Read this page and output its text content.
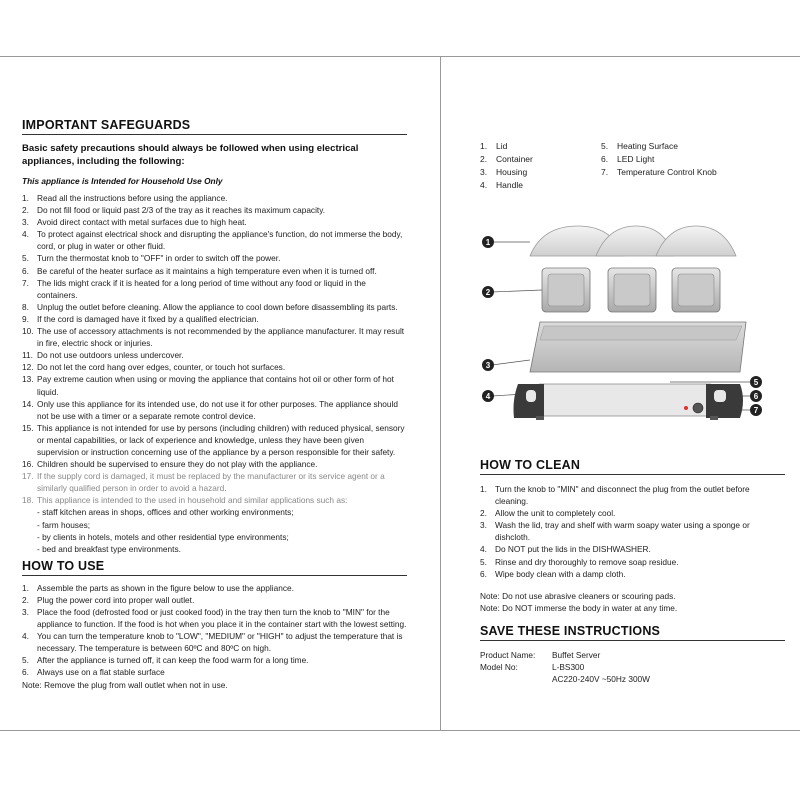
IMPORTANT SAFEGUARDS
Basic safety precautions should always be followed when using electrical appliances, including the following:
This appliance is Intended for Household Use Only
1. Read all the instructions before using the appliance.
2. Do not fill food or liquid past 2/3 of the tray as it reaches its maximum capacity.
3. Avoid direct contact with metal surfaces due to high heat.
4. To protect against electrical shock and disrupting the appliance's function, do not immerse the body, cord, or plug in water or other fluid.
5. Turn the thermostat knob to "OFF" in order to switch off the power.
6. Be careful of the heater surface as it maintains a high temperature even when it is turned off.
7. The lids might crack if it is heated for a long period of time without any food or liquid in the containers.
8. Unplug the outlet before cleaning. Allow the appliance to cool down before disassembling its parts.
9. If the cord is damaged have it fixed by a qualified electrician.
10. The use of accessory attachments is not recommended by the appliance manufacturer. It may result in fire, electric shock or injuries.
11. Do not use outdoors unless undercover.
12. Do not let the cord hang over edges, counter, or touch hot surfaces.
13. Pay extreme caution when using or moving the appliance that contains hot oil or other form of hot liquid.
14. Only use this appliance for its intended use, do not use it for other purposes. The appliance should not be use with a timer or a separate remote control device.
15. This appliance is not intended for use by persons (including children) with reduced physical, sensory or mental capabilities, or lack of experience and knowledge, unless they have been given supervision or instruction concerning use of the appliance by a person responsible for their safety.
16. Children should be supervised to ensure they do not play with the appliance.
17. If the supply cord is damaged, it must be replaced by the manufacturer or its service agent or a similarly qualified person in order to avoid a hazard.
18. This appliance is intended to the used in household and similar applications such as:
- staff kitchen areas in shops, offices and other working environments;
- farm houses;
- by clients in hotels, motels and other residential type environments;
- bed and breakfast type environments.
HOW TO USE
1. Assemble the parts as shown in the figure below to use the appliance.
2. Plug the power cord into proper wall outlet.
3. Place the food (defrosted food or just cooked food) in the tray then turn the knob to "MIN" for the appliance to function. If the food is hot when you place it in the container start with the lowest setting.
4. You can turn the temperature knob to "LOW", "MEDIUM" or "HIGH" to adjust the temperature that is necessary. The temperature is between 60ºC and 80ºC on high.
5. After the appliance is turned off, it can keep the food warm for a long time.
6. Always use on a flat stable surface
Note: Remove the plug from wall outlet when not in use.
1.	Lid
2.	Container
3.	Housing
4.	Handle
5.	Heating Surface
6.	LED Light
7.	Temperature Control Knob
1
2
3
4
5
6
7
HOW TO CLEAN
1. Turn the knob to "MIN" and disconnect the plug from the outlet before cleaning.
2. Allow the unit to completely cool.
3. Wash the lid, tray and shelf with warm soapy water using a sponge or dishcloth.
4. Do NOT put the lids in the DISHWASHER.
5. Rinse and dry thoroughly to remove soap residue.
6. Wipe body clean with a damp cloth.
Note: Do not use abrasive cleaners or scouring pads.
Note: Do NOT immerse the body in water at any time.
SAVE THESE INSTRUCTIONS
Product Name:	Buffet Server
Model No:	L-BS300
AC220-240V ~50Hz 300W
